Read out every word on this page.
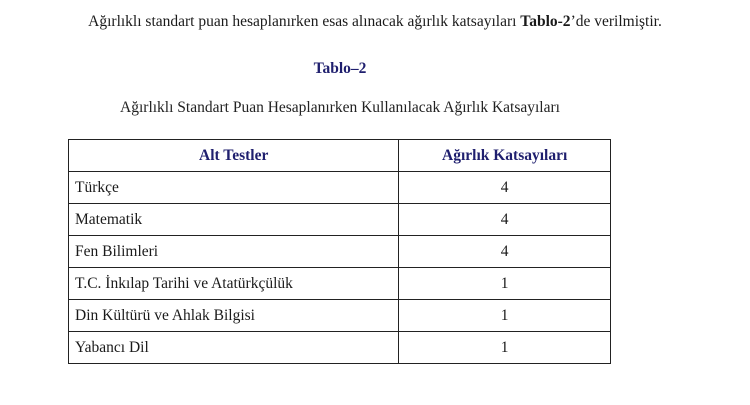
Ağırlıklı standart puan hesaplanırken esas alınacak ağırlık katsayıları Tablo-2’de verilmiştir.
Tablo–2
Ağırlıklı Standart Puan Hesaplanırken Kullanılacak Ağırlık Katsayıları
Alt Testler	Ağırlık Katsayıları
Türkçe	4
Matematik	4
Fen Bilimleri	4
T.C. İnkılap Tarihi ve Atatürkçülük	1
Din Kültürü ve Ahlak Bilgisi	1
Yabancı Dil	1
